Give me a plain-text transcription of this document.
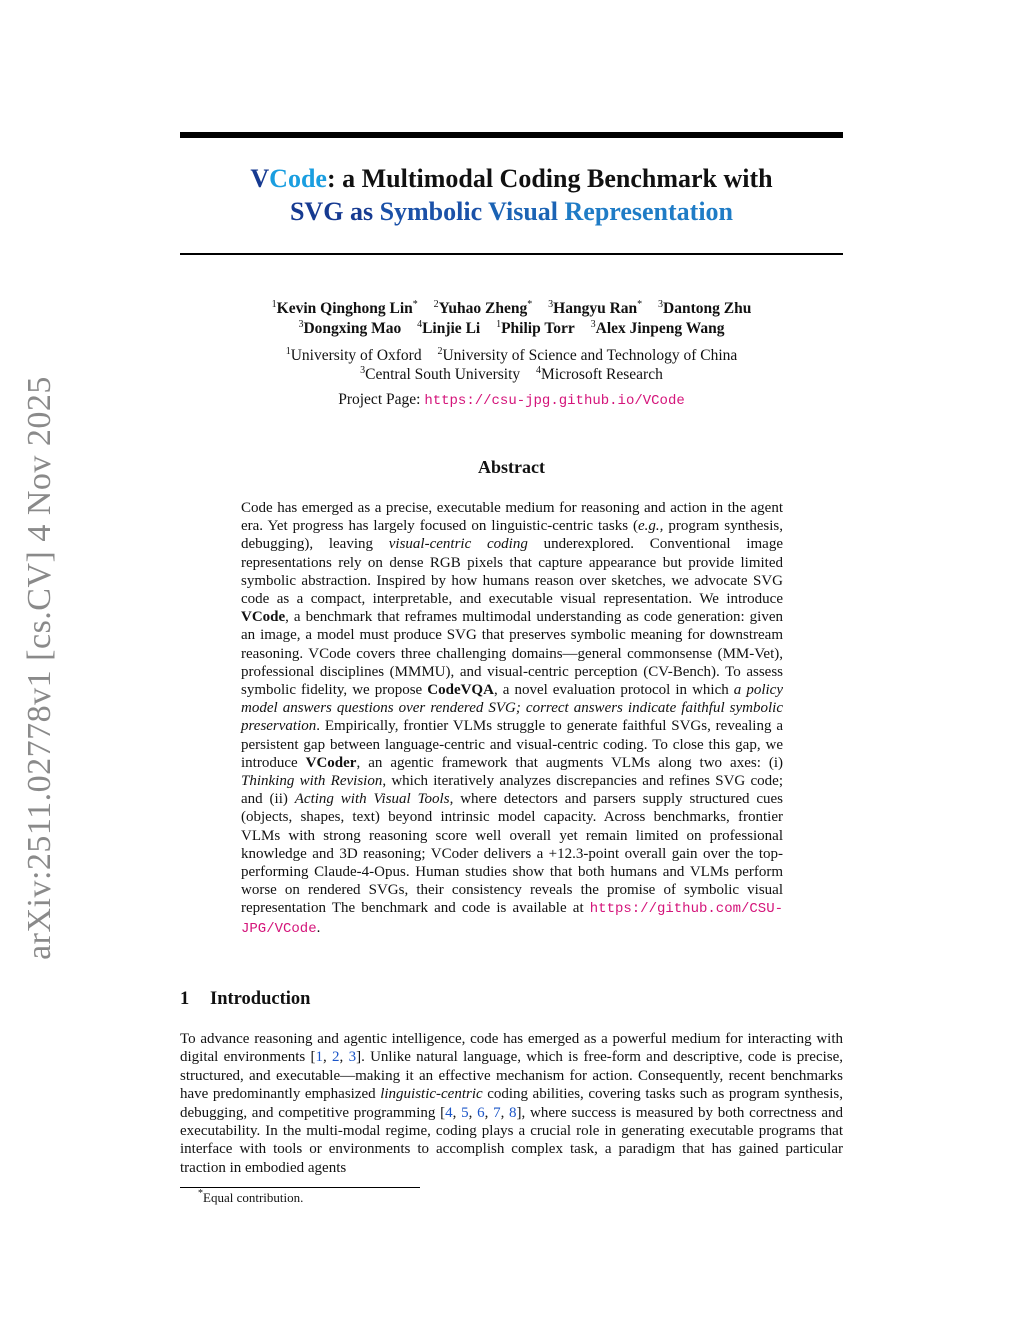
arXiv:2511.02778v1 [cs.CV] 4 Nov 2025
VCode: a Multimodal Coding Benchmark with
SVG as Symbolic Visual Representation
$^1$Kevin Qinghong Lin* $^2$Yuhao Zheng* $^3$Hangyu Ran* $^3$Dantong Zhu
$^3$Dongxing Mao $^4$Linjie Li $^1$Philip Torr $^3$Alex Jinpeng Wang
$^1$University of Oxford $^2$University of Science and Technology of China
$^3$Central South University $^4$Microsoft Research
Project Page: https://csu-jpg.github.io/VCode
Abstract
Code has emerged as a precise, executable medium for reasoning and action in the agent era. Yet progress has largely focused on linguistic-centric tasks (e.g., program synthesis, debugging), leaving visual-centric coding underexplored. Conventional image representations rely on dense RGB pixels that capture appearance but provide limited symbolic abstraction. Inspired by how humans reason over sketches, we advocate SVG code as a compact, interpretable, and executable visual representation. We introduce VCode, a benchmark that reframes multimodal understanding as code generation: given an image, a model must produce SVG that preserves symbolic meaning for downstream reasoning. VCode covers three challenging domains—general commonsense (MM-Vet), professional disciplines (MMMU), and visual-centric perception (CV-Bench). To assess symbolic fidelity, we propose CodeVQA, a novel evaluation protocol in which a policy model answers questions over rendered SVG; correct answers indicate faithful symbolic preservation. Empirically, frontier VLMs struggle to generate faithful SVGs, revealing a persistent gap between language-centric and visual-centric coding. To close this gap, we introduce VCoder, an agentic framework that augments VLMs along two axes: (i) Thinking with Revision, which iteratively analyzes discrepancies and refines SVG code; and (ii) Acting with Visual Tools, where detectors and parsers supply structured cues (objects, shapes, text) beyond intrinsic model capacity. Across benchmarks, frontier VLMs with strong reasoning score well overall yet remain limited on professional knowledge and 3D reasoning; VCoder delivers a +12.3-point overall gain over the top-performing Claude-4-Opus. Human studies show that both humans and VLMs perform worse on rendered SVGs, their consistency reveals the promise of symbolic visual representation The benchmark and code is available at https://github.com/CSU-JPG/VCode.
1 Introduction
To advance reasoning and agentic intelligence, code has emerged as a powerful medium for interacting with digital environments [1, 2, 3]. Unlike natural language, which is free-form and descriptive, code is precise, structured, and executable—making it an effective mechanism for action. Consequently, recent benchmarks have predominantly emphasized linguistic-centric coding abilities, covering tasks such as program synthesis, debugging, and competitive programming [4, 5, 6, 7, 8], where success is measured by both correctness and executability. In the multi-modal regime, coding plays a crucial role in generating executable programs that interface with tools or environments to accomplish complex task, a paradigm that has gained particular traction in embodied agents
*Equal contribution.
